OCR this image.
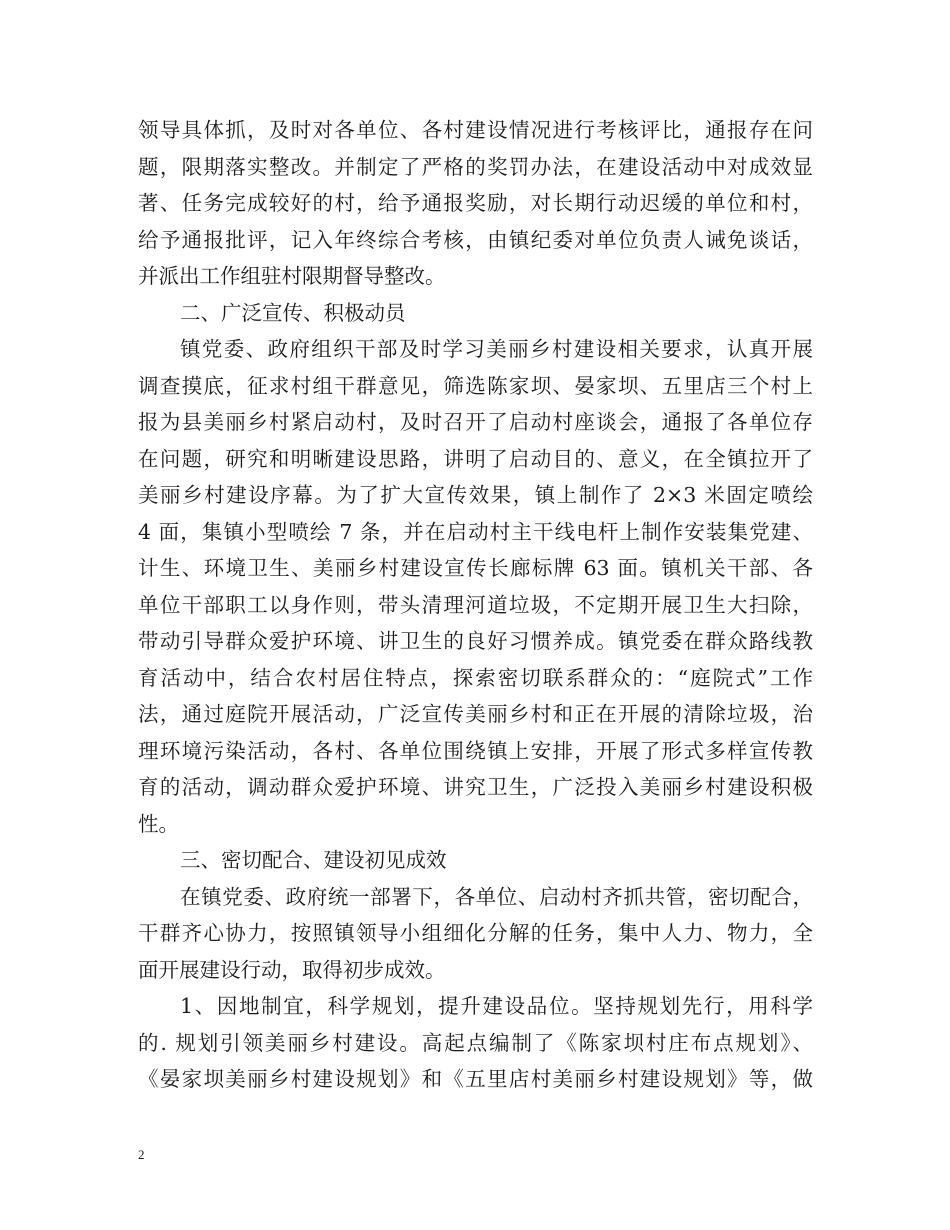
领导具体抓，及时对各单位、各村建设情况进行考核评比，通报存在问
题，限期落实整改。并制定了严格的奖罚办法，在建设活动中对成效显
著、任务完成较好的村，给予通报奖励，对长期行动迟缓的单位和村，
给予通报批评，记入年终综合考核，由镇纪委对单位负责人诫免谈话，
并派出工作组驻村限期督导整改。
二、广泛宣传、积极动员
镇党委、政府组织干部及时学习美丽乡村建设相关要求，认真开展
调查摸底，征求村组干群意见，筛选陈家坝、晏家坝、五里店三个村上
报为县美丽乡村紧启动村，及时召开了启动村座谈会，通报了各单位存
在问题，研究和明晰建设思路，讲明了启动目的、意义，在全镇拉开了
美丽乡村建设序幕。为了扩大宣传效果，镇上制作了 2×3 米固定喷绘
4 面，集镇小型喷绘 7 条，并在启动村主干线电杆上制作安装集党建、
计生、环境卫生、美丽乡村建设宣传长廊标牌 63 面。镇机关干部、各
单位干部职工以身作则，带头清理河道垃圾，不定期开展卫生大扫除，
带动引导群众爱护环境、讲卫生的良好习惯养成。镇党委在群众路线教
育活动中，结合农村居住特点，探索密切联系群众的：“庭院式”工作
法，通过庭院开展活动，广泛宣传美丽乡村和正在开展的清除垃圾，治
理环境污染活动，各村、各单位围绕镇上安排，开展了形式多样宣传教
育的活动，调动群众爱护环境、讲究卫生，广泛投入美丽乡村建设积极
性。
三、密切配合、建设初见成效
在镇党委、政府统一部署下，各单位、启动村齐抓共管，密切配合，
干群齐心协力，按照镇领导小组细化分解的任务，集中人力、物力，全
面开展建设行动，取得初步成效。
1、因地制宜，科学规划，提升建设品位。坚持规划先行，用科学
的. 规划引领美丽乡村建设。高起点编制了《陈家坝村庄布点规划》、
《晏家坝美丽乡村建设规划》和《五里店村美丽乡村建设规划》等，做
2
